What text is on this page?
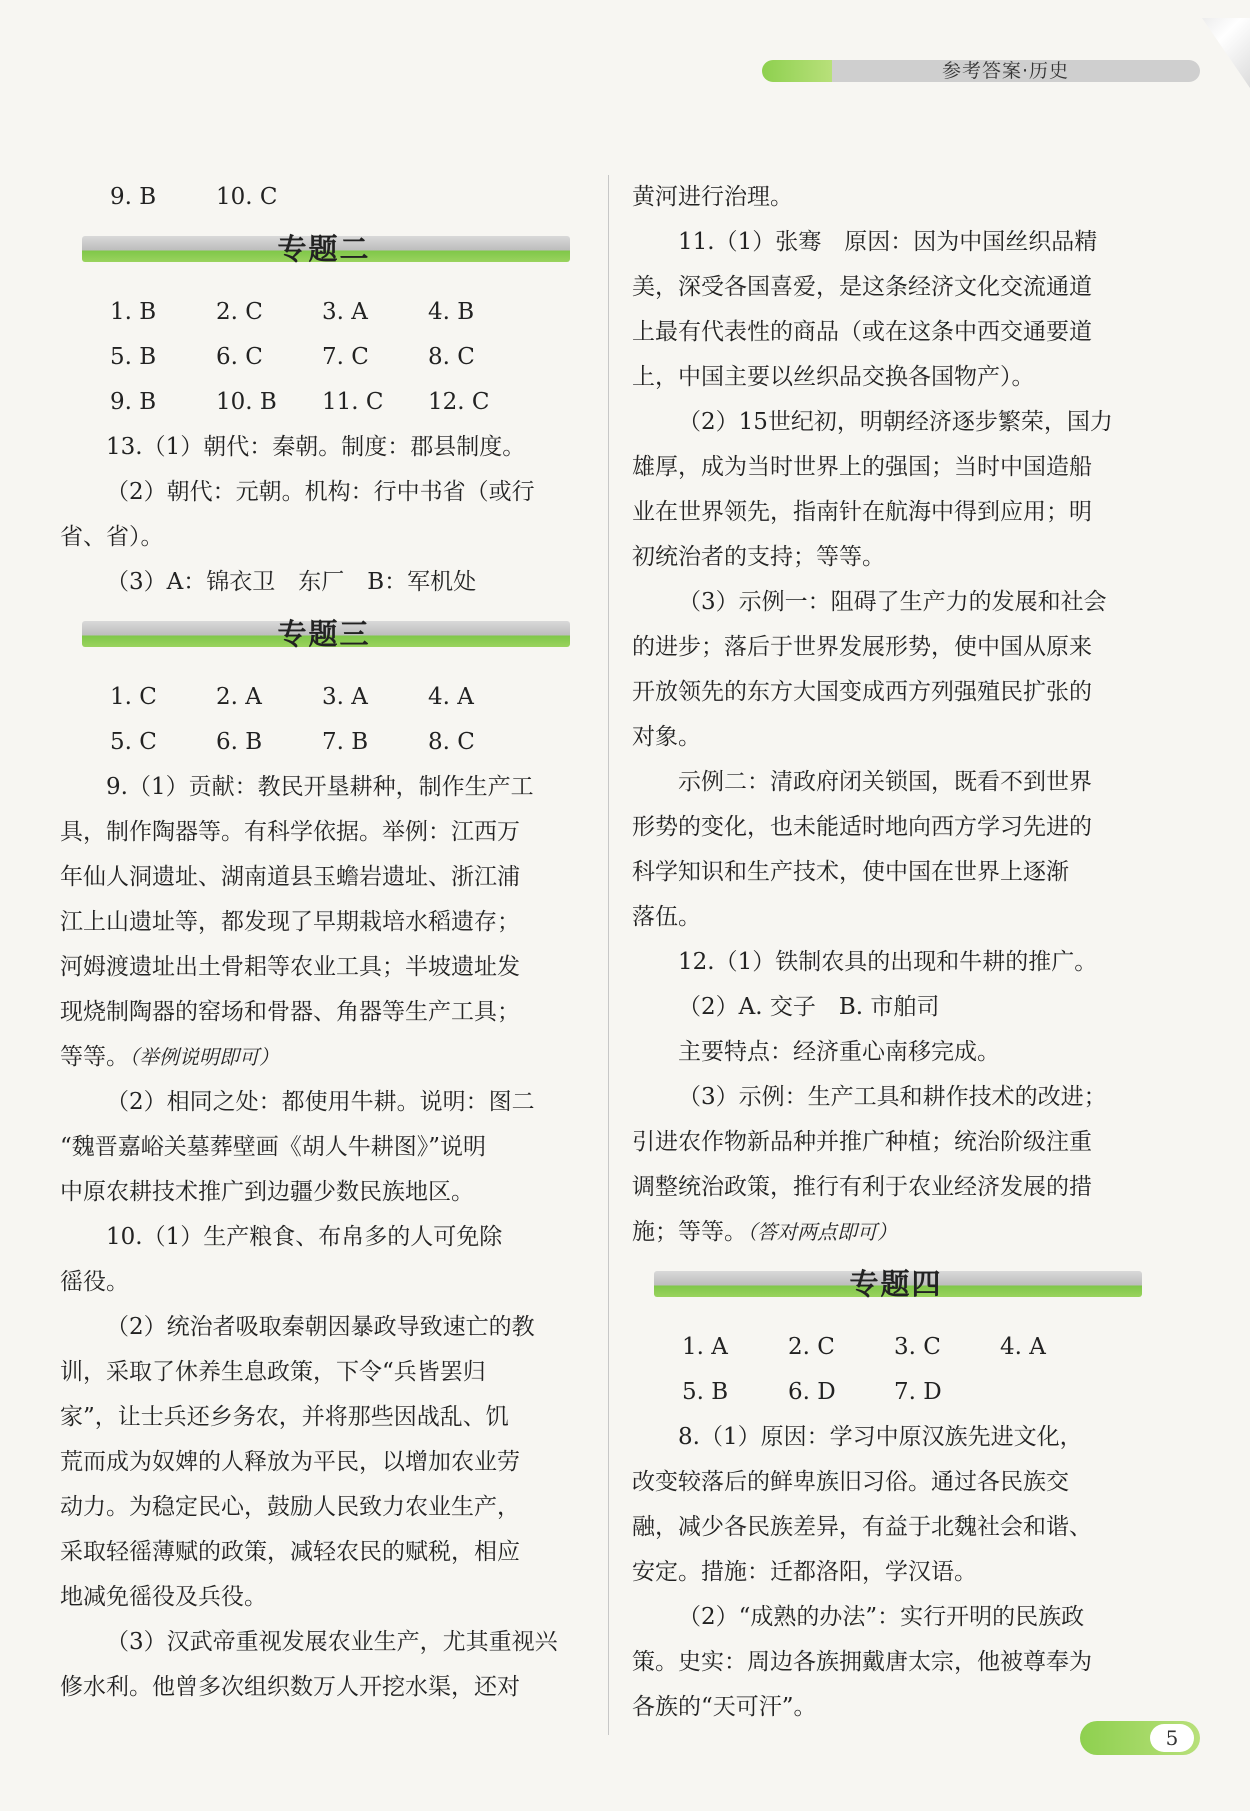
参考答案·历史
9. B	10. C
专题二
1. B	2. C	3. A	4. B
5. B	6. C	7. C	8. C
9. B	10. B	11. C	12. C
13.（1）朝代：秦朝。制度：郡县制度。
（2）朝代：元朝。机构：行中书省（或行
省、省）。
（3）A：锦衣卫　东厂　B：军机处
专题三
1. C	2. A	3. A	4. A
5. C	6. B	7. B	8. C
9.（1）贡献：教民开垦耕种，制作生产工
具，制作陶器等。有科学依据。举例：江西万
年仙人洞遗址、湖南道县玉蟾岩遗址、浙江浦
江上山遗址等，都发现了早期栽培水稻遗存；
河姆渡遗址出土骨耜等农业工具；半坡遗址发
现烧制陶器的窑场和骨器、角器等生产工具；
等等。（举例说明即可）
（2）相同之处：都使用牛耕。说明：图二
“魏晋嘉峪关墓葬壁画《胡人牛耕图》”说明
中原农耕技术推广到边疆少数民族地区。
10.（1）生产粮食、布帛多的人可免除
徭役。
（2）统治者吸取秦朝因暴政导致速亡的教
训，采取了休养生息政策，下令“兵皆罢归
家”，让士兵还乡务农，并将那些因战乱、饥
荒而成为奴婢的人释放为平民，以增加农业劳
动力。为稳定民心，鼓励人民致力农业生产，
采取轻徭薄赋的政策，减轻农民的赋税，相应
地减免徭役及兵役。
（3）汉武帝重视发展农业生产，尤其重视兴
修水利。他曾多次组织数万人开挖水渠，还对
黄河进行治理。
11.（1）张骞　原因：因为中国丝织品精
美，深受各国喜爱，是这条经济文化交流通道
上最有代表性的商品（或在这条中西交通要道
上，中国主要以丝织品交换各国物产）。
（2）15世纪初，明朝经济逐步繁荣，国力
雄厚，成为当时世界上的强国；当时中国造船
业在世界领先，指南针在航海中得到应用；明
初统治者的支持；等等。
（3）示例一：阻碍了生产力的发展和社会
的进步；落后于世界发展形势，使中国从原来
开放领先的东方大国变成西方列强殖民扩张的
对象。
示例二：清政府闭关锁国，既看不到世界
形势的变化，也未能适时地向西方学习先进的
科学知识和生产技术，使中国在世界上逐渐
落伍。
12.（1）铁制农具的出现和牛耕的推广。
（2）A. 交子　B. 市舶司
主要特点：经济重心南移完成。
（3）示例：生产工具和耕作技术的改进；
引进农作物新品种并推广种植；统治阶级注重
调整统治政策，推行有利于农业经济发展的措
施；等等。（答对两点即可）
专题四
1. A	2. C	3. C	4. A
5. B	6. D	7. D
8.（1）原因：学习中原汉族先进文化，
改变较落后的鲜卑族旧习俗。通过各民族交
融，减少各民族差异，有益于北魏社会和谐、
安定。措施：迁都洛阳，学汉语。
（2）“成熟的办法”：实行开明的民族政
策。史实：周边各族拥戴唐太宗，他被尊奉为
各族的“天可汗”。
5
